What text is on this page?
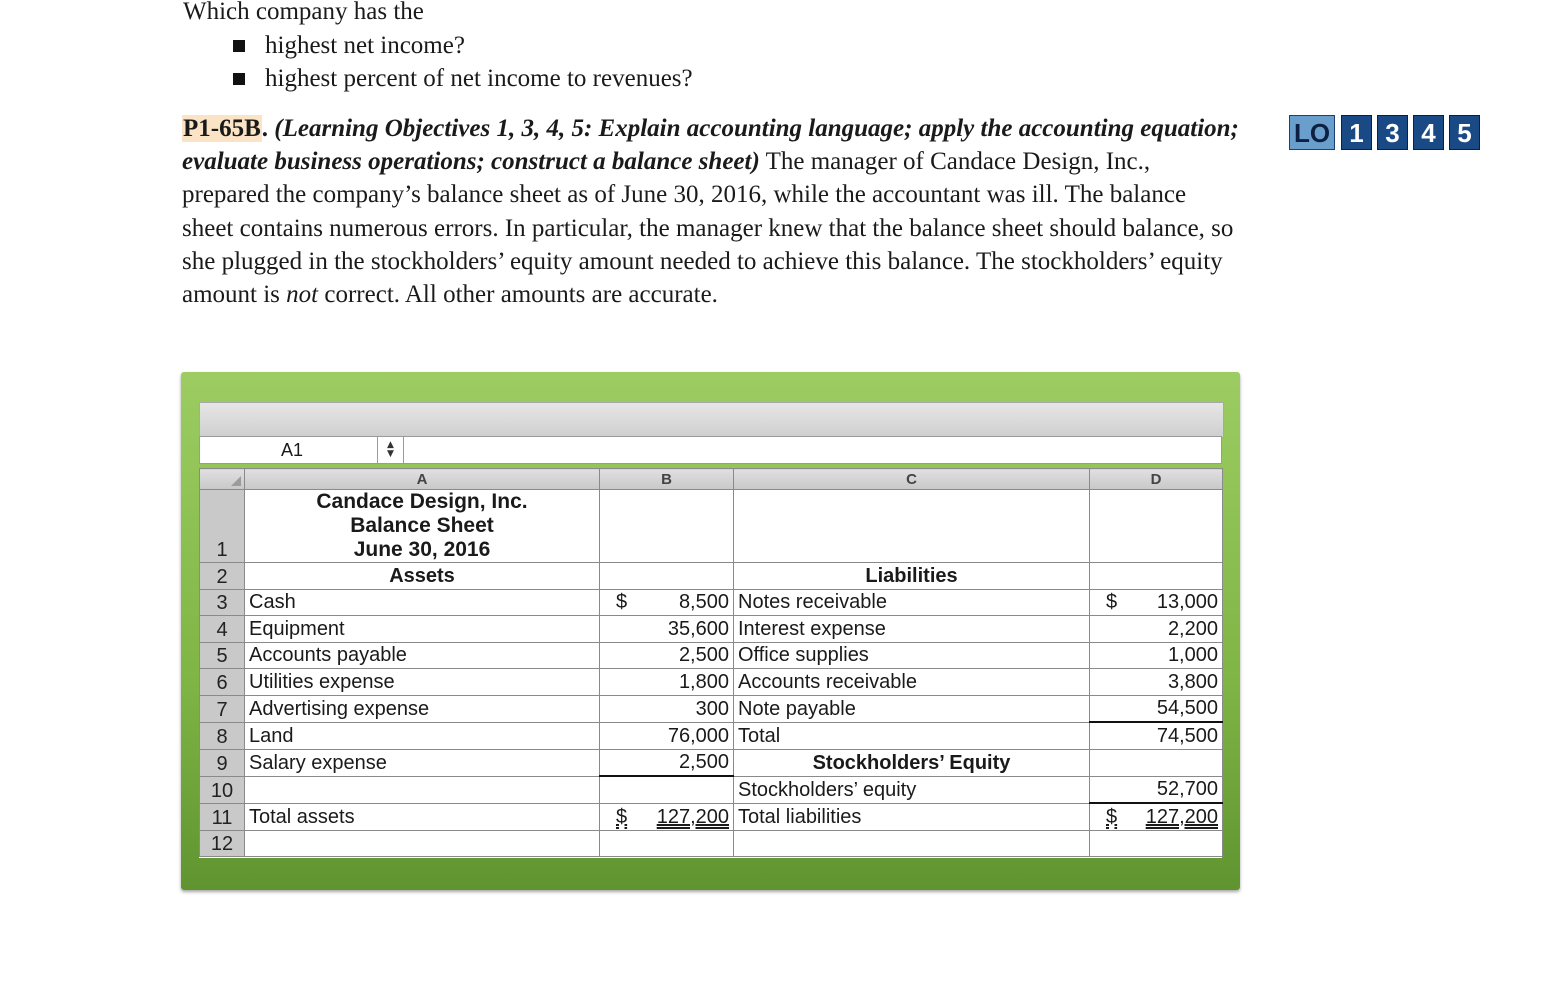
Which company has the
highest net income?
highest percent of net income to revenues?

P1-65B. (Learning Objectives 1, 3, 4, 5: Explain accounting language; apply the accounting equation; evaluate business operations; construct a balance sheet) The manager of Candace Design, Inc., prepared the company’s balance sheet as of June 30, 2016, while the accountant was ill. The balance sheet contains numerous errors. In particular, the manager knew that the balance sheet should balance, so she plugged in the stockholders’ equity amount needed to achieve this balance. The stockholders’ equity amount is not correct. All other amounts are accurate.

LO 1 3 4 5
A1	▲
▼
	A	B	C	D
1	Candace Design, Inc.
Balance Sheet
June 30, 2016			

2	Assets		Liabilities	
3	Cash	$ 8,500	Notes receivable	$ 13,000
4	Equipment	35,600	Interest expense	2,200
5	Accounts payable	2,500	Office supplies	1,000
6	Utilities expense	1,800	Accounts receivable	3,800
7	Advertising expense	300	Note payable	54,500
8	Land	76,000	Total	74,500
9	Salary expense	2,500	Stockholders’ Equity	
10			Stockholders’ equity	52,700
11	Total assets	$ 127,200	Total liabilities	$ 127,200
12				
